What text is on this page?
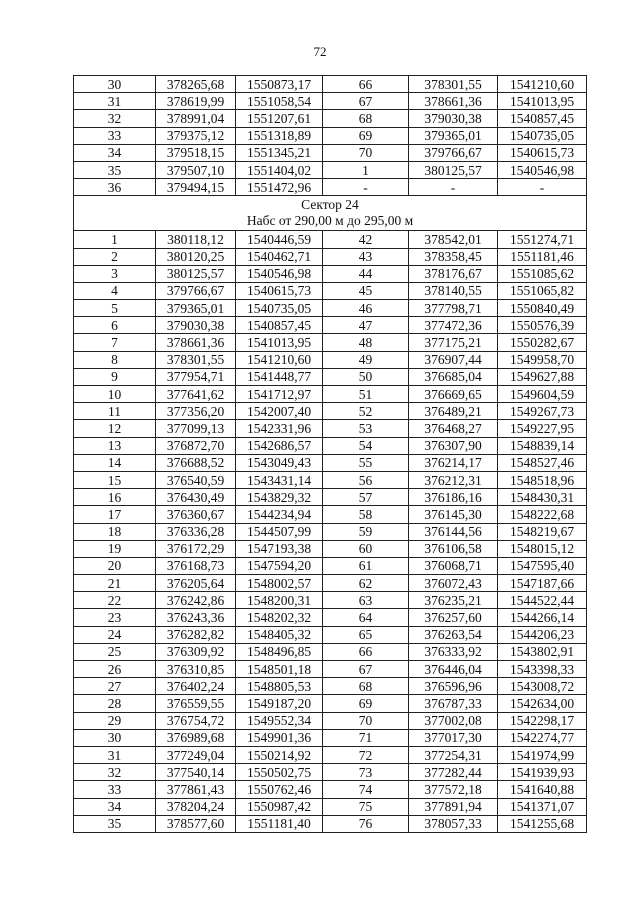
72
30	378265,68	1550873,17	66	378301,55	1541210,60
31	378619,99	1551058,54	67	378661,36	1541013,95
32	378991,04	1551207,61	68	379030,38	1540857,45
33	379375,12	1551318,89	69	379365,01	1540735,05
34	379518,15	1551345,21	70	379766,67	1540615,73
35	379507,10	1551404,02	1	380125,57	1540546,98
36	379494,15	1551472,96	-	-	-

Сектор 24
Набс от 290,00 м до 295,00 м					

1	380118,12	1540446,59	42	378542,01	1551274,71
2	380120,25	1540462,71	43	378358,45	1551181,46
3	380125,57	1540546,98	44	378176,67	1551085,62
4	379766,67	1540615,73	45	378140,55	1551065,82
5	379365,01	1540735,05	46	377798,71	1550840,49
6	379030,38	1540857,45	47	377472,36	1550576,39
7	378661,36	1541013,95	48	377175,21	1550282,67
8	378301,55	1541210,60	49	376907,44	1549958,70
9	377954,71	1541448,77	50	376685,04	1549627,88
10	377641,62	1541712,97	51	376669,65	1549604,59
11	377356,20	1542007,40	52	376489,21	1549267,73
12	377099,13	1542331,96	53	376468,27	1549227,95
13	376872,70	1542686,57	54	376307,90	1548839,14
14	376688,52	1543049,43	55	376214,17	1548527,46
15	376540,59	1543431,14	56	376212,31	1548518,96
16	376430,49	1543829,32	57	376186,16	1548430,31
17	376360,67	1544234,94	58	376145,30	1548222,68
18	376336,28	1544507,99	59	376144,56	1548219,67
19	376172,29	1547193,38	60	376106,58	1548015,12
20	376168,73	1547594,20	61	376068,71	1547595,40
21	376205,64	1548002,57	62	376072,43	1547187,66
22	376242,86	1548200,31	63	376235,21	1544522,44
23	376243,36	1548202,32	64	376257,60	1544266,14
24	376282,82	1548405,32	65	376263,54	1544206,23
25	376309,92	1548496,85	66	376333,92	1543802,91
26	376310,85	1548501,18	67	376446,04	1543398,33
27	376402,24	1548805,53	68	376596,96	1543008,72
28	376559,55	1549187,20	69	376787,33	1542634,00
29	376754,72	1549552,34	70	377002,08	1542298,17
30	376989,68	1549901,36	71	377017,30	1542274,77
31	377249,04	1550214,92	72	377254,31	1541974,99
32	377540,14	1550502,75	73	377282,44	1541939,93
33	377861,43	1550762,46	74	377572,18	1541640,88
34	378204,24	1550987,42	75	377891,94	1541371,07
35	378577,60	1551181,40	76	378057,33	1541255,68
